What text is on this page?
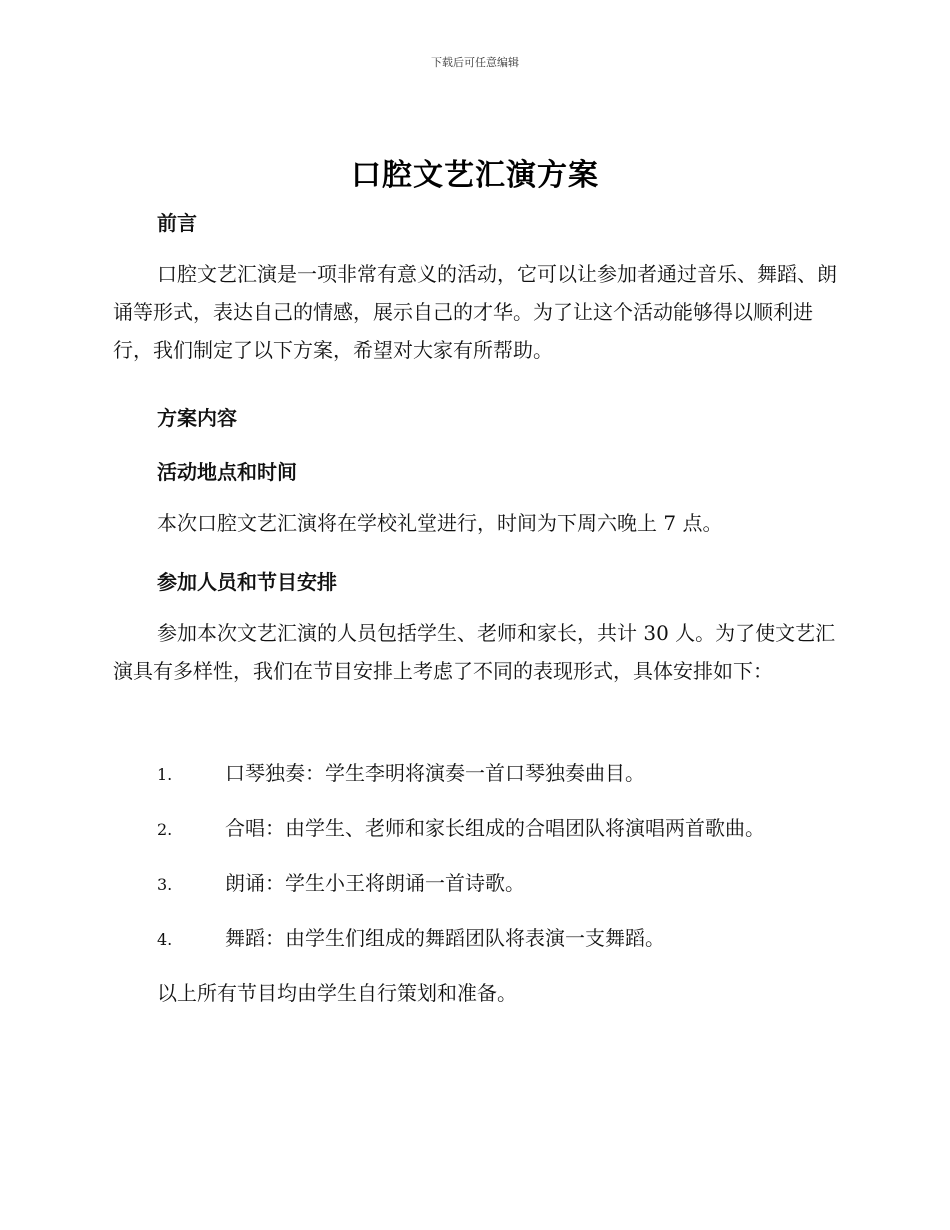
下载后可任意编辑
口腔文艺汇演方案
前言
口腔文艺汇演是一项非常有意义的活动，它可以让参加者通过音乐、舞蹈、朗诵等形式，表达自己的情感，展示自己的才华。为了让这个活动能够得以顺利进行，我们制定了以下方案，希望对大家有所帮助。
方案内容
活动地点和时间
本次口腔文艺汇演将在学校礼堂进行，时间为下周六晚上 7 点。
参加人员和节目安排
参加本次文艺汇演的人员包括学生、老师和家长，共计 30 人。为了使文艺汇演具有多样性，我们在节目安排上考虑了不同的表现形式，具体安排如下：
1.	口琴独奏：学生李明将演奏一首口琴独奏曲目。
2.	合唱：由学生、老师和家长组成的合唱团队将演唱两首歌曲。
3.	朗诵：学生小王将朗诵一首诗歌。
4.	舞蹈：由学生们组成的舞蹈团队将表演一支舞蹈。
以上所有节目均由学生自行策划和准备。
